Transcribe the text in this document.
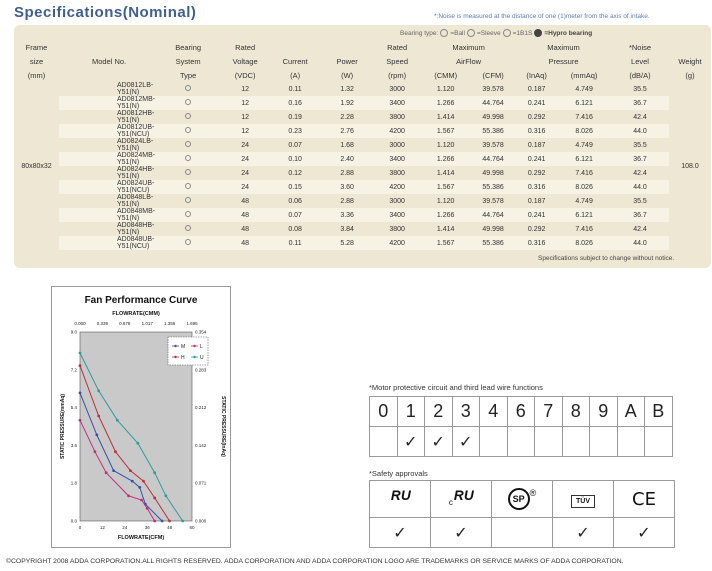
Specifications(Nominal)	*:Noise is measured at the distance of one (1)meter from the axis of intake.
Bearing type: =Ball =Sleeve =1B1S =Hypro bearing
Frame	Model No.	Bearing	Rated			Rated	Maximum		Maximum		*Noise	
size		System	Voltage	Current	Power	Speed	AirFlow		Pressure		Level	Weight
(mm)		Type	(VDC)	(A)	(W)	(rpm)	(CMM)	(CFM)	(InAq)	(mmAq)	(dB/A)	(g)
80x80x32	AD0812LB-Y51(N)		12	0.11	1.32	3000	1.120	39.578	0.187	4.749	35.5	108.0
	AD0812MB-Y51(N)		12	0.16	1.92	3400	1.266	44.764	0.241	6.121	36.7	
	AD0812HB-Y51(N)		12	0.19	2.28	3800	1.414	49.998	0.292	7.416	42.4	
	AD0812UB-Y51(NCU)		12	0.23	2.76	4200	1.567	55.386	0.316	8.026	44.0	
	AD0824LB-Y51(N)		24	0.07	1.68	3000	1.120	39.578	0.187	4.749	35.5	
	AD0824MB-Y51(N)		24	0.10	2.40	3400	1.266	44.764	0.241	6.121	36.7	
	AD0824HB-Y51(N)		24	0.12	2.88	3800	1.414	49.998	0.292	7.416	42.4	
	AD0824UB-Y51(NCU)		24	0.15	3.60	4200	1.567	55.386	0.316	8.026	44.0	
	AD0848LB-Y51(N)		48	0.06	2.88	3000	1.120	39.578	0.187	4.749	35.5	
	AD0848MB-Y51(N)		48	0.07	3.36	3400	1.266	44.764	0.241	6.121	36.7	
	AD0848HB-Y51(N)		48	0.08	3.84	3800	1.414	49.998	0.292	7.416	42.4	
	AD0848UB-Y51(NCU)		48	0.11	5.28	4200	1.567	55.386	0.316	8.026	44.0	
Specifications subject to change without notice.
Fan Performance Curve
FLOWRATE(CMM)
0.000 0.339 0.678 1.017 1.356 1.695
0	12	24	36	48	60
0.0
1.8
3.6
5.4
7.2
9.0
0.000
0.071
0.142
0.212
0.283
0.354
FLOWRATE(CFM)
STATIC PRESSURE(mmAq)	STATIC PRESSURE(InAq)
M	L
H	U
*Motor protective circuit and third lead wire functions
0	1	2	3	4	6	7	8	9	A	B
	✓	✓	✓							
*Safety approvals
ᴿᵁ	cᴿᵁ	SP®	TÜV	CE
✓	✓		✓	✓
©COPYRIGHT 2008 ADDA CORPORATION.ALL RIGHTS RESERVED. ADDA CORPORATION AND ADDA CORPORATION LOGO ARE TRADEMARKS OR SERVICE MARKS OF ADDA CORPORATION.
